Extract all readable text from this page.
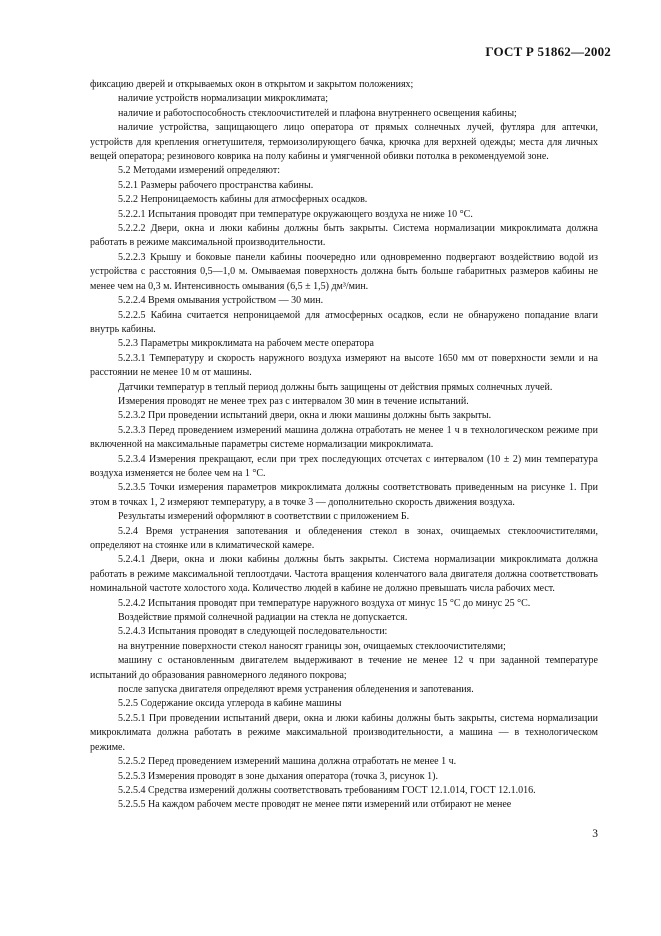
ГОСТ Р 51862—2002

фиксацию дверей и открываемых окон в открытом и закрытом положениях;

наличие устройств нормализации микроклимата;

наличие и работоспособность стеклоочистителей и плафона внутреннего освещения кабины;

наличие устройства, защищающего лицо оператора от прямых солнечных лучей, футляра для аптечки, устройств для крепления огнетушителя, термоизолирующего бачка, крючка для верхней одежды; места для личных вещей оператора; резинового коврика на полу кабины и умягченной обивки потолка в рекомендуемой зоне.

5.2 Методами измерений определяют:

5.2.1 Размеры рабочего пространства кабины.

5.2.2 Непроницаемость кабины для атмосферных осадков.

5.2.2.1 Испытания проводят при температуре окружающего воздуха не ниже 10 °С.

5.2.2.2 Двери, окна и люки кабины должны быть закрыты. Система нормализации микроклимата должна работать в режиме максимальной производительности.

5.2.2.3 Крышу и боковые панели кабины поочередно или одновременно подвергают воздействию водой из устройства с расстояния 0,5—1,0 м. Омываемая поверхность должна быть больше габаритных размеров кабины не менее чем на 0,3 м. Интенсивность омывания (6,5 ± 1,5) дм³/мин.

5.2.2.4 Время омывания устройством — 30 мин.

5.2.2.5 Кабина считается непроницаемой для атмосферных осадков, если не обнаружено попадание влаги внутрь кабины.

5.2.3 Параметры микроклимата на рабочем месте оператора

5.2.3.1 Температуру и скорость наружного воздуха измеряют на высоте 1650 мм от поверхности земли и на расстоянии не менее 10 м от машины.

Датчики температур в теплый период должны быть защищены от действия прямых солнечных лучей.

Измерения проводят не менее трех раз с интервалом 30 мин в течение испытаний.

5.2.3.2 При проведении испытаний двери, окна и люки машины должны быть закрыты.

5.2.3.3 Перед проведением измерений машина должна отработать не менее 1 ч в технологическом режиме при включенной на максимальные параметры системе нормализации микроклимата.

5.2.3.4 Измерения прекращают, если при трех последующих отсчетах с интервалом (10 ± 2) мин температура воздуха изменяется не более чем на 1 °С.

5.2.3.5 Точки измерения параметров микроклимата должны соответствовать приведенным на рисунке 1. При этом в точках 1, 2 измеряют температуру, а в точке 3 — дополнительно скорость движения воздуха.

Результаты измерений оформляют в соответствии с приложением Б.

5.2.4 Время устранения запотевания и обледенения стекол в зонах, очищаемых стеклоочистителями, определяют на стоянке или в климатической камере.

5.2.4.1 Двери, окна и люки кабины должны быть закрыты. Система нормализации микроклимата должна работать в режиме максимальной теплоотдачи. Частота вращения коленчатого вала двигателя должна соответствовать номинальной частоте холостого хода. Количество людей в кабине не должно превышать числа рабочих мест.

5.2.4.2 Испытания проводят при температуре наружного воздуха от минус 15 °С до минус 25 °С.

Воздействие прямой солнечной радиации на стекла не допускается.

5.2.4.3 Испытания проводят в следующей последовательности:

на внутренние поверхности стекол наносят границы зон, очищаемых стеклоочистителями;

машину с остановленным двигателем выдерживают в течение не менее 12 ч при заданной температуре испытаний до образования равномерного ледяного покрова;

после запуска двигателя определяют время устранения обледенения и запотевания.

5.2.5 Содержание оксида углерода в кабине машины

5.2.5.1 При проведении испытаний двери, окна и люки кабины должны быть закрыты, система нормализации микроклимата должна работать в режиме максимальной производительности, а машина — в технологическом режиме.

5.2.5.2 Перед проведением измерений машина должна отработать не менее 1 ч.

5.2.5.3 Измерения проводят в зоне дыхания оператора (точка 3, рисунок 1).

5.2.5.4 Средства измерений должны соответствовать требованиям ГОСТ 12.1.014, ГОСТ 12.1.016.

5.2.5.5 На каждом рабочем месте проводят не менее пяти измерений или отбирают не менее

3
